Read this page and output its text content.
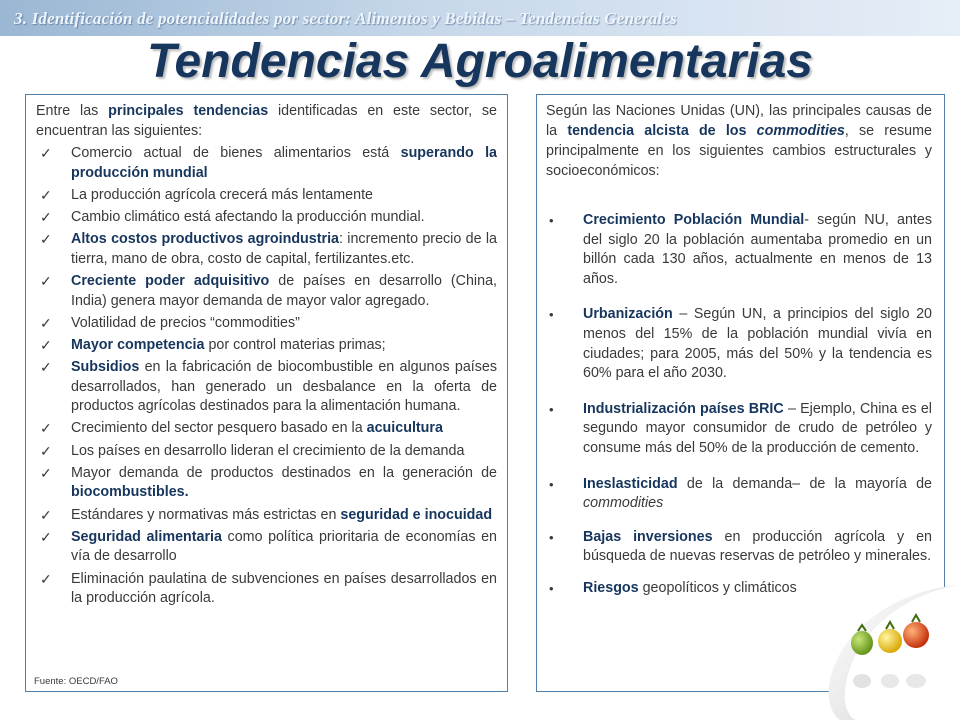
3. Identificación de potencialidades por sector: Alimentos y Bebidas – Tendencias Generales
Tendencias Agroalimentarias

Entre las principales tendencias identificadas en este sector, se encuentran las siguientes:

✓ Comercio actual de bienes alimentarios está superando la producción mundial
✓ La producción agrícola crecerá más lentamente
✓ Cambio climático está afectando la producción mundial.
✓ Altos costos productivos agroindustria: incremento precio de la tierra, mano de obra, costo de capital, fertilizantes.etc.
✓ Creciente poder adquisitivo de países en desarrollo (China, India) genera mayor demanda de mayor valor agregado.
✓ Volatilidad de precios “commodities”
✓ Mayor competencia por control materias primas;
✓ Subsidios en la fabricación de biocombustible en algunos países desarrollados, han generado un desbalance en la oferta de productos agrícolas destinados para la alimentación humana.
✓ Crecimiento del sector pesquero basado en la acuicultura
✓ Los países en desarrollo lideran el crecimiento de la demanda
✓ Mayor demanda de productos destinados en la generación de biocombustibles.
✓ Estándares y normativas más estrictas en seguridad e inocuidad
✓ Seguridad alimentaria como política prioritaria de economías en vía de desarrollo
✓ Eliminación paulatina de subvenciones en países desarrollados en la producción agrícola.
Fuente: OECD/FAO

Según las Naciones Unidas (UN), las principales causas de la tendencia alcista de los commodities, se resume principalmente en los siguientes cambios estructurales y socioeconómicos:

• Crecimiento Población Mundial- según NU, antes del siglo 20 la población aumentaba promedio en un billón cada 130 años, actualmente en menos de 13 años.
• Urbanización – Según UN, a principios del siglo 20 menos del 15% de la población mundial vivía en ciudades; para 2005, más del 50% y la tendencia es 60% para el año 2030.
• Industrialización países BRIC – Ejemplo, China es el segundo mayor consumidor de crudo de petróleo y consume más del 50% de la producción de cemento.
• Ineslasticidad de la demanda– de la mayoría de commodities
• Bajas inversiones en producción agrícola y en búsqueda de nuevas reservas de petróleo y minerales.
• Riesgos geopolíticos y climáticos
